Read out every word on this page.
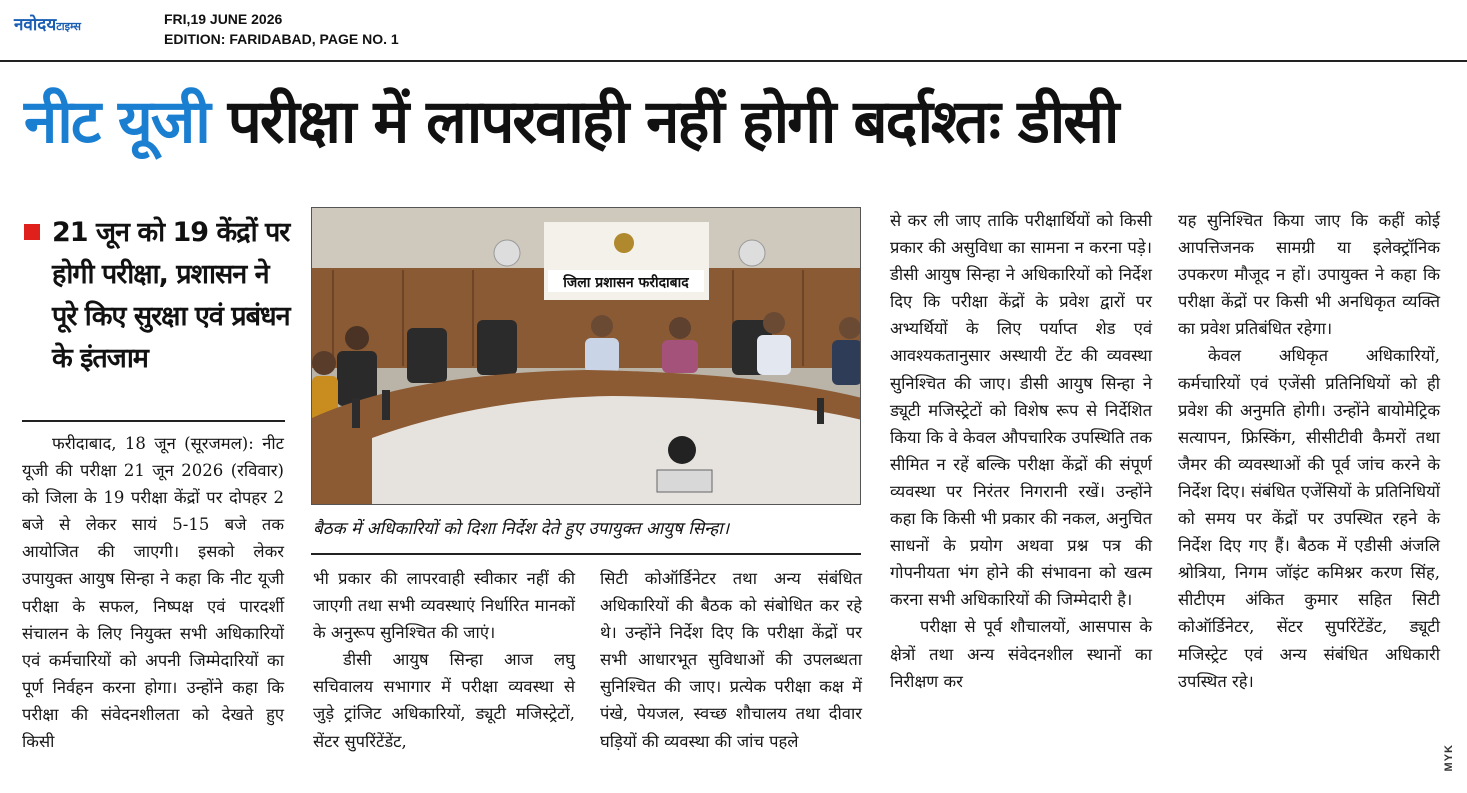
नवोदयटाइम्स	FRI,19 JUNE 2026
EDITION: FARIDABAD, PAGE NO. 1
नीट यूजी परीक्षा में लापरवाही नहीं होगी बर्दाश्तः डीसी
21 जून को 19 केंद्रों पर होगी परीक्षा, प्रशासन ने पूरे किए सुरक्षा एवं प्रबंधन के इंतजाम

फरीदाबाद, 18 जून (सूरजमल): नीट यूजी की परीक्षा 21 जून 2026 (रविवार) को जिला के 19 परीक्षा केंद्रों पर दोपहर 2 बजे से लेकर सायं 5-15 बजे तक आयोजित की जाएगी। इसको लेकर उपायुक्त आयुष सिन्हा ने कहा कि नीट यूजी परीक्षा के सफल, निष्पक्ष एवं पारदर्शी संचालन के लिए नियुक्त सभी अधिकारियों एवं कर्मचारियों को अपनी जिम्मेदारियों का पूर्ण निर्वहन करना होगा। उन्होंने कहा कि परीक्षा की संवेदनशीलता को देखते हुए किसी

जिला प्रशासन फरीदाबाद
बैठक में अधिकारियों को दिशा निर्देश देते हुए उपायुक्त आयुष सिन्हा।

भी प्रकार की लापरवाही स्वीकार नहीं की जाएगी तथा सभी व्यवस्थाएं निर्धारित मानकों के अनुरूप सुनिश्चित की जाएं।

डीसी आयुष सिन्हा आज लघु सचिवालय सभागार में परीक्षा व्यवस्था से जुड़े ट्रांजिट अधिकारियों, ड्यूटी मजिस्ट्रेटों, सेंटर सुपरिंटेंडेंट,

सिटी कोऑर्डिनेटर तथा अन्य संबंधित अधिकारियों की बैठक को संबोधित कर रहे थे। उन्होंने निर्देश दिए कि परीक्षा केंद्रों पर सभी आधारभूत सुविधाओं की उपलब्धता सुनिश्चित की जाए। प्रत्येक परीक्षा कक्ष में पंखे, पेयजल, स्वच्छ शौचालय तथा दीवार घड़ियों की व्यवस्था की जांच पहले

से कर ली जाए ताकि परीक्षार्थियों को किसी प्रकार की असुविधा का सामना न करना पड़े। डीसी आयुष सिन्हा ने अधिकारियों को निर्देश दिए कि परीक्षा केंद्रों के प्रवेश द्वारों पर अभ्यर्थियों के लिए पर्याप्त शेड एवं आवश्यकतानुसार अस्थायी टेंट की व्यवस्था सुनिश्चित की जाए। डीसी आयुष सिन्हा ने ड्यूटी मजिस्ट्रेटों को विशेष रूप से निर्देशित किया कि वे केवल औपचारिक उपस्थिति तक सीमित न रहें बल्कि परीक्षा केंद्रों की संपूर्ण व्यवस्था पर निरंतर निगरानी रखें। उन्होंने कहा कि किसी भी प्रकार की नकल, अनुचित साधनों के प्रयोग अथवा प्रश्न पत्र की गोपनीयता भंग होने की संभावना को खत्म करना सभी अधिकारियों की जिम्मेदारी है।

परीक्षा से पूर्व शौचालयों, आसपास के क्षेत्रों तथा अन्य संवेदनशील स्थानों का निरीक्षण कर

यह सुनिश्चित किया जाए कि कहीं कोई आपत्तिजनक सामग्री या इलेक्ट्रॉनिक उपकरण मौजूद न हों। उपायुक्त ने कहा कि परीक्षा केंद्रों पर किसी भी अनधिकृत व्यक्ति का प्रवेश प्रतिबंधित रहेगा।

केवल अधिकृत अधिकारियों, कर्मचारियों एवं एजेंसी प्रतिनिधियों को ही प्रवेश की अनुमति होगी। उन्होंने बायोमेट्रिक सत्यापन, फ्रिस्किंग, सीसीटीवी कैमरों तथा जैमर की व्यवस्थाओं की पूर्व जांच करने के निर्देश दिए। संबंधित एजेंसियों के प्रतिनिधियों को समय पर केंद्रों पर उपस्थित रहने के निर्देश दिए गए हैं। बैठक में एडीसी अंजलि श्रोत्रिया, निगम जॉइंट कमिश्नर करण सिंह, सीटीएम अंकित कुमार सहित सिटी कोऑर्डिनेटर, सेंटर सुपरिंटेंडेंट, ड्यूटी मजिस्ट्रेट एवं अन्य संबंधित अधिकारी उपस्थित रहे।

MYK
